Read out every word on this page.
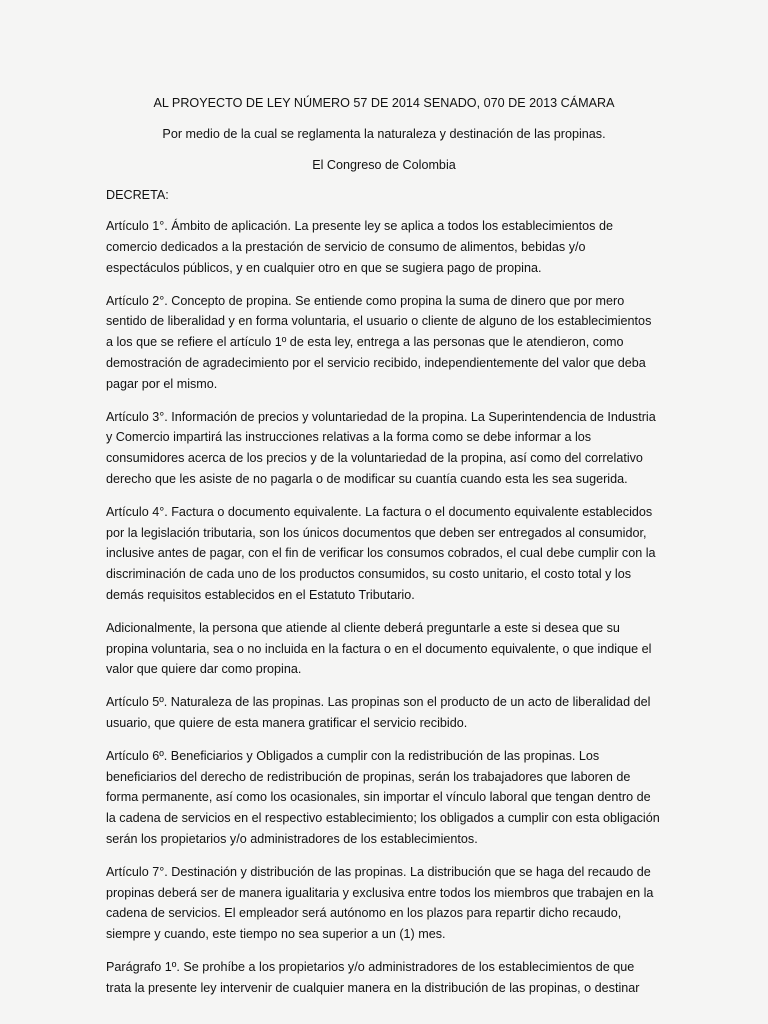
AL PROYECTO DE LEY NÚMERO 57 DE 2014 SENADO, 070 DE 2013 CÁMARA
Por medio de la cual se reglamenta la naturaleza y destinación de las propinas.
El Congreso de Colombia
DECRETA:
Artículo 1°. Ámbito de aplicación. La presente ley se aplica a todos los establecimientos de
comercio dedicados a la prestación de servicio de consumo de alimentos, bebidas y/o
espectáculos públicos, y en cualquier otro en que se sugiera pago de propina.
Artículo 2°. Concepto de propina. Se entiende como propina la suma de dinero que por mero
sentido de liberalidad y en forma voluntaria, el usuario o cliente de alguno de los establecimientos
a los que se refiere el artículo 1º de esta ley, entrega a las personas que le atendieron, como
demostración de agradecimiento por el servicio recibido, independientemente del valor que deba
pagar por el mismo.
Artículo 3°. Información de precios y voluntariedad de la propina. La Superintendencia de Industria
y Comercio impartirá las instrucciones relativas a la forma como se debe informar a los
consumidores acerca de los precios y de la voluntariedad de la propina, así como del correlativo
derecho que les asiste de no pagarla o de modificar su cuantía cuando esta les sea sugerida.
Artículo 4°. Factura o documento equivalente. La factura o el documento equivalente establecidos
por la legislación tributaria, son los únicos documentos que deben ser entregados al consumidor,
inclusive antes de pagar, con el fin de verificar los consumos cobrados, el cual debe cumplir con la
discriminación de cada uno de los productos consumidos, su costo unitario, el costo total y los
demás requisitos establecidos en el Estatuto Tributario.
Adicionalmente, la persona que atiende al cliente deberá preguntarle a este si desea que su
propina voluntaria, sea o no incluida en la factura o en el documento equivalente, o que indique el
valor que quiere dar como propina.
Artículo 5º. Naturaleza de las propinas. Las propinas son el producto de un acto de liberalidad del
usuario, que quiere de esta manera gratificar el servicio recibido.
Artículo 6º. Beneficiarios y Obligados a cumplir con la redistribución de las propinas. Los
beneficiarios del derecho de redistribución de propinas, serán los trabajadores que laboren de
forma permanente, así como los ocasionales, sin importar el vínculo laboral que tengan dentro de
la cadena de servicios en el respectivo establecimiento; los obligados a cumplir con esta obligación
serán los propietarios y/o administradores de los establecimientos.
Artículo 7°. Destinación y distribución de las propinas. La distribución que se haga del recaudo de
propinas deberá ser de manera igualitaria y exclusiva entre todos los miembros que trabajen en la
cadena de servicios. El empleador será autónomo en los plazos para repartir dicho recaudo,
siempre y cuando, este tiempo no sea superior a un (1) mes.
Parágrafo 1º. Se prohíbe a los propietarios y/o administradores de los establecimientos de que
trata la presente ley intervenir de cualquier manera en la distribución de las propinas, o destinar
